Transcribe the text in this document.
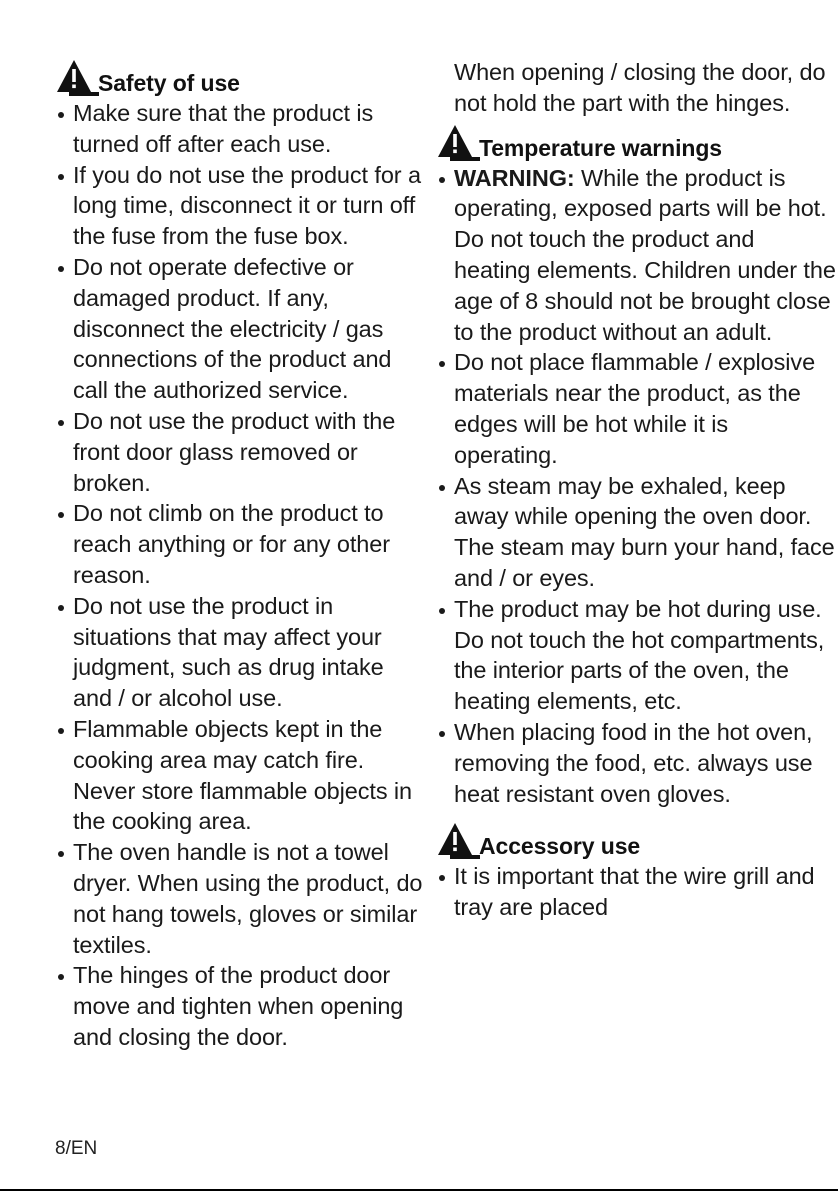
Safety of use
Make sure that the product is turned off after each use.
If you do not use the product for a long time, disconnect it or turn off the fuse from the fuse box.
Do not operate defective or damaged product. If any, disconnect the electricity / gas connections of the product and call the authorized service.
Do not use the product with the front door glass removed or broken.
Do not climb on the product to reach anything or for any other reason.
Do not use the product in situations that may affect your judgment, such as drug intake and / or alcohol use.
Flammable objects kept in the cooking area may catch fire. Never store flammable objects in the cooking area.
The oven handle is not a towel dryer. When using the product, do not hang towels, gloves or similar textiles.
The hinges of the product door move and tighten when opening and closing the door.
When opening / closing the door, do not hold the part with the hinges.
Temperature warnings
WARNING: While the product is operating, exposed parts will be hot. Do not touch the product and heating elements. Children under the age of 8 should not be brought close to the product without an adult.
Do not place flammable / explosive materials near the product, as the edges will be hot while it is operating.
As steam may be exhaled, keep away while opening the oven door. The steam may burn your hand, face and / or eyes.
The product may be hot during use. Do not touch the hot compartments, the interior parts of the oven, the heating elements, etc.
When placing food in the hot oven, removing the food, etc. always use heat resistant oven gloves.
Accessory use
It is important that the wire grill and tray are placed
8/EN
